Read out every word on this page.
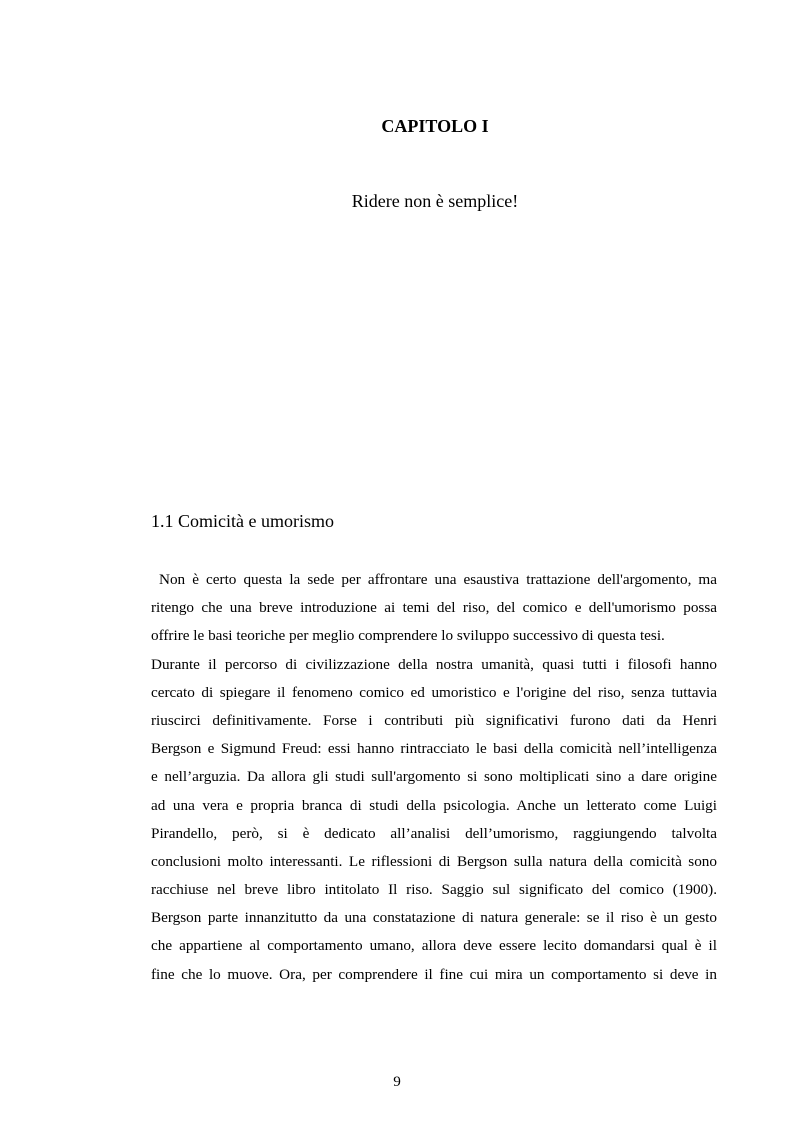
CAPITOLO I
Ridere non è semplice!
1.1 Comicità e umorismo
Non è certo questa la sede per affrontare una esaustiva trattazione dell'argomento, ma
ritengo che una breve introduzione ai temi del riso, del comico e dell'umorismo possa
offrire le basi teoriche per meglio comprendere lo sviluppo successivo di questa tesi.
Durante il percorso di civilizzazione della nostra umanità, quasi tutti i filosofi hanno
cercato di spiegare il fenomeno comico ed umoristico e l'origine del riso, senza tuttavia
riuscirci definitivamente. Forse i contributi più significativi furono dati da Henri
Bergson e Sigmund Freud: essi hanno rintracciato le basi della comicità nell’intelligenza
e nell’arguzia. Da allora gli studi sull'argomento si sono moltiplicati sino a dare origine
ad una vera e propria branca di studi della psicologia. Anche un letterato come Luigi
Pirandello, però, si è dedicato all’analisi dell’umorismo, raggiungendo talvolta
conclusioni molto interessanti. Le riflessioni di Bergson sulla natura della comicità sono
racchiuse nel breve libro intitolato Il riso. Saggio sul significato del comico (1900).
Bergson parte innanzitutto da una constatazione di natura generale: se il riso è un gesto
che appartiene al comportamento umano, allora deve essere lecito domandarsi qual è il
fine che lo muove. Ora, per comprendere il fine cui mira un comportamento si deve in
9
